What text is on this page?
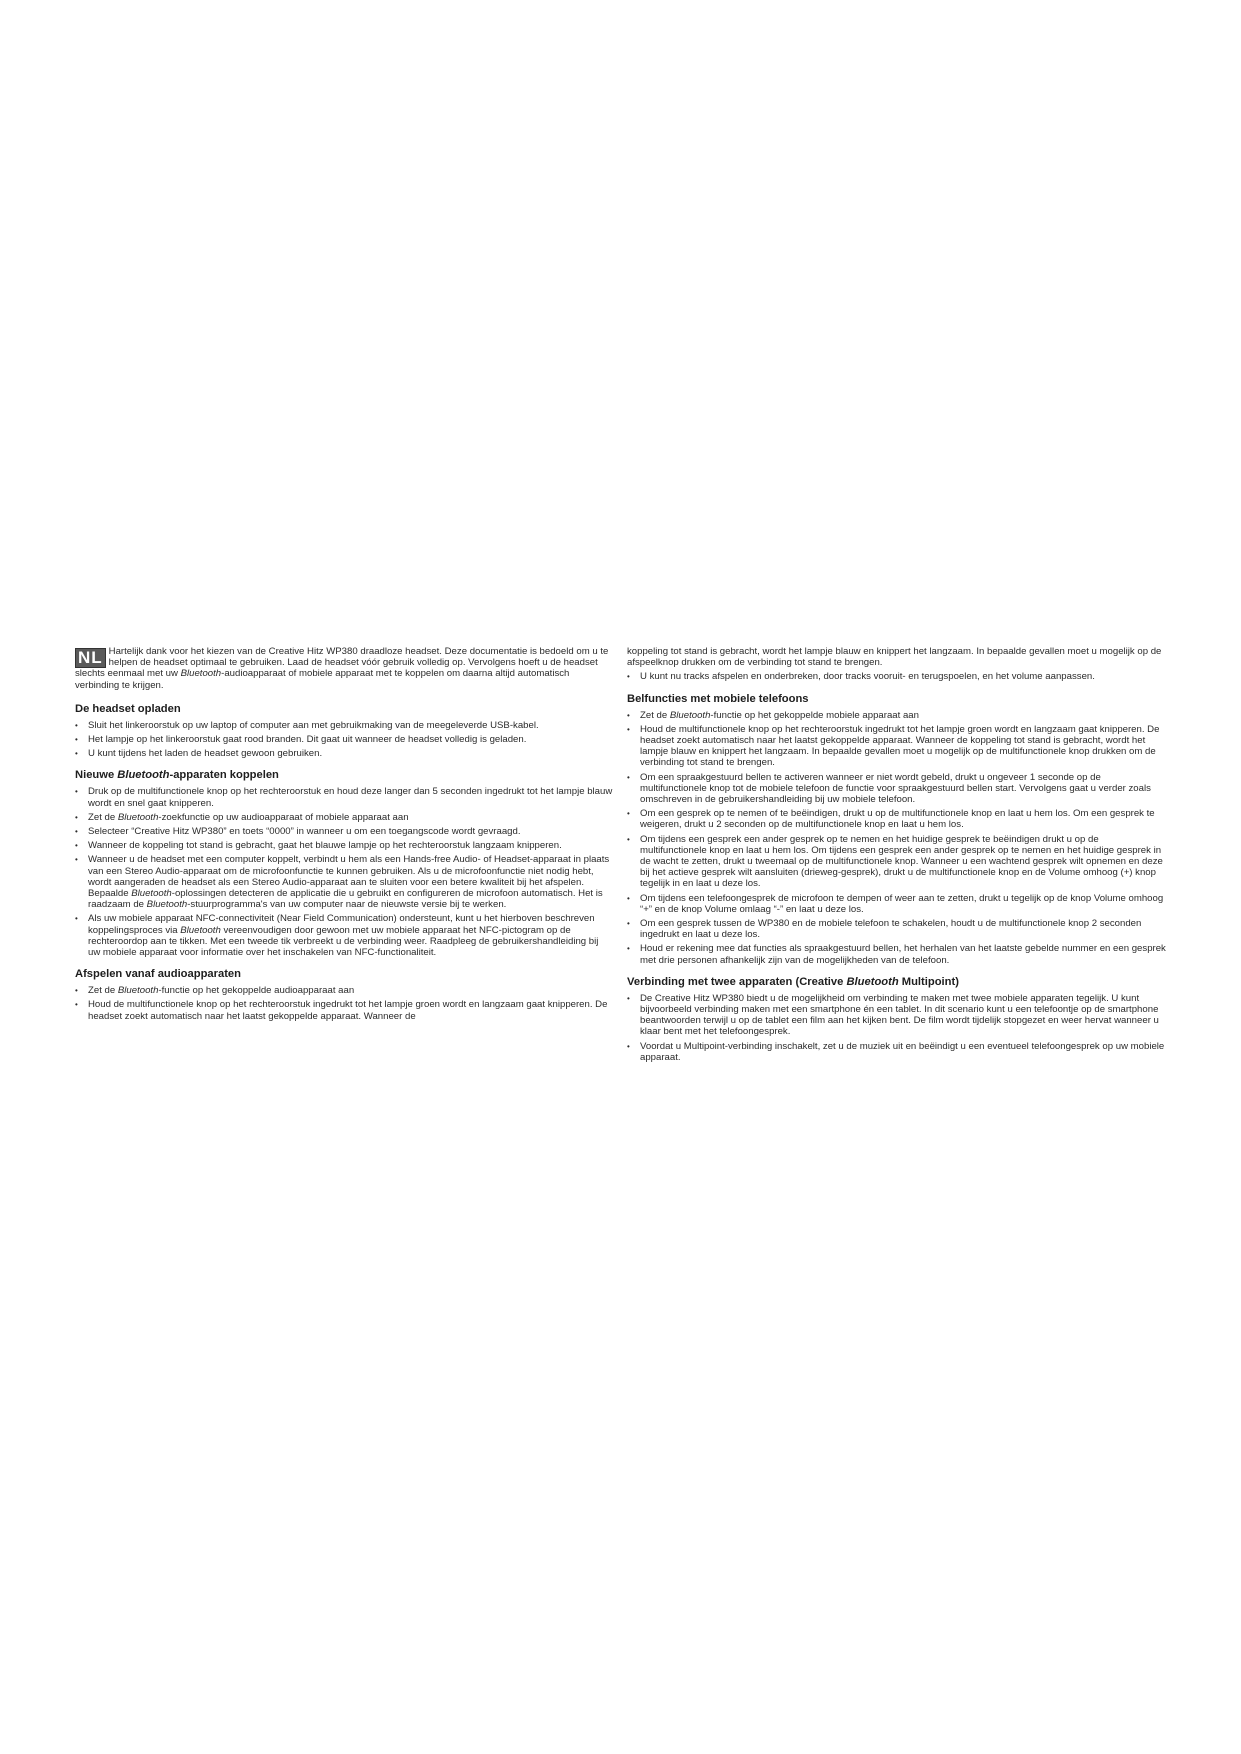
NL Hartelijk dank voor het kiezen van de Creative Hitz WP380 draadloze headset. Deze documentatie is bedoeld om u te helpen de headset optimaal te gebruiken. Laad de headset vóór gebruik volledig op. Vervolgens hoeft u de headset slechts eenmaal met uw Bluetooth-audioapparaat of mobiele apparaat met te koppelen om daarna altijd automatisch verbinding te krijgen.

De headset opladen
• Sluit het linkeroorstuk op uw laptop of computer aan met gebruikmaking van de meegeleverde USB-kabel.
• Het lampje op het linkeroorstuk gaat rood branden. Dit gaat uit wanneer de headset volledig is geladen.
• U kunt tijdens het laden de headset gewoon gebruiken.
Nieuwe Bluetooth-apparaten koppelen
• Druk op de multifunctionele knop op het rechteroorstuk en houd deze langer dan 5 seconden ingedrukt tot het lampje blauw wordt en snel gaat knipperen.
• Zet de Bluetooth-zoekfunctie op uw audioapparaat of mobiele apparaat aan
• Selecteer “Creative Hitz WP380” en toets “0000” in wanneer u om een toegangscode wordt gevraagd.
• Wanneer de koppeling tot stand is gebracht, gaat het blauwe lampje op het rechteroorstuk langzaam knipperen.
• Wanneer u de headset met een computer koppelt, verbindt u hem als een Hands-free Audio- of Headset-apparaat in plaats van een Stereo Audio-apparaat om de microfoonfunctie te kunnen gebruiken. Als u de microfoonfunctie niet nodig hebt, wordt aangeraden de headset als een Stereo Audio-apparaat aan te sluiten voor een betere kwaliteit bij het afspelen. Bepaalde Bluetooth-oplossingen detecteren de applicatie die u gebruikt en configureren de microfoon automatisch. Het is raadzaam de Bluetooth-stuurprogramma's van uw computer naar de nieuwste versie bij te werken.
• Als uw mobiele apparaat NFC-connectiviteit (Near Field Communication) ondersteunt, kunt u het hierboven beschreven koppelingsproces via Bluetooth vereenvoudigen door gewoon met uw mobiele apparaat het NFC-pictogram op de rechteroordop aan te tikken. Met een tweede tik verbreekt u de verbinding weer. Raadpleeg de gebruikershandleiding bij uw mobiele apparaat voor informatie over het inschakelen van NFC-functionaliteit.
Afspelen vanaf audioapparaten
• Zet de Bluetooth-functie op het gekoppelde audioapparaat aan
• Houd de multifunctionele knop op het rechteroorstuk ingedrukt tot het lampje groen wordt en langzaam gaat knipperen. De headset zoekt automatisch naar het laatst gekoppelde apparaat. Wanneer de

koppeling tot stand is gebracht, wordt het lampje blauw en knippert het langzaam. In bepaalde gevallen moet u mogelijk op de afspeelknop drukken om de verbinding tot stand te brengen.

• U kunt nu tracks afspelen en onderbreken, door tracks vooruit- en terugspoelen, en het volume aanpassen.
Belfuncties met mobiele telefoons
• Zet de Bluetooth-functie op het gekoppelde mobiele apparaat aan
• Houd de multifunctionele knop op het rechteroorstuk ingedrukt tot het lampje groen wordt en langzaam gaat knipperen. De headset zoekt automatisch naar het laatst gekoppelde apparaat. Wanneer de koppeling tot stand is gebracht, wordt het lampje blauw en knippert het langzaam. In bepaalde gevallen moet u mogelijk op de multifunctionele knop drukken om de verbinding tot stand te brengen.
• Om een spraakgestuurd bellen te activeren wanneer er niet wordt gebeld, drukt u ongeveer 1 seconde op de multifunctionele knop tot de mobiele telefoon de functie voor spraakgestuurd bellen start. Vervolgens gaat u verder zoals omschreven in de gebruikershandleiding bij uw mobiele telefoon.
• Om een gesprek op te nemen of te beëindigen, drukt u op de multifunctionele knop en laat u hem los. Om een gesprek te weigeren, drukt u 2 seconden op de multifunctionele knop en laat u hem los.
• Om tijdens een gesprek een ander gesprek op te nemen en het huidige gesprek te beëindigen drukt u op de multifunctionele knop en laat u hem los. Om tijdens een gesprek een ander gesprek op te nemen en het huidige gesprek in de wacht te zetten, drukt u tweemaal op de multifunctionele knop. Wanneer u een wachtend gesprek wilt opnemen en deze bij het actieve gesprek wilt aansluiten (drieweg-gesprek), drukt u de multifunctionele knop en de Volume omhoog (+) knop tegelijk in en laat u deze los.
• Om tijdens een telefoongesprek de microfoon te dempen of weer aan te zetten, drukt u tegelijk op de knop Volume omhoog “+” en de knop Volume omlaag “-” en laat u deze los.
• Om een gesprek tussen de WP380 en de mobiele telefoon te schakelen, houdt u de multifunctionele knop 2 seconden ingedrukt en laat u deze los.
• Houd er rekening mee dat functies als spraakgestuurd bellen, het herhalen van het laatste gebelde nummer en een gesprek met drie personen afhankelijk zijn van de mogelijkheden van de telefoon.
Verbinding met twee apparaten (Creative Bluetooth Multipoint)
• De Creative Hitz WP380 biedt u de mogelijkheid om verbinding te maken met twee mobiele apparaten tegelijk. U kunt bijvoorbeeld verbinding maken met een smartphone én een tablet. In dit scenario kunt u een telefoontje op de smartphone beantwoorden terwijl u op de tablet een film aan het kijken bent. De film wordt tijdelijk stopgezet en weer hervat wanneer u klaar bent met het telefoongesprek.
• Voordat u Multipoint-verbinding inschakelt, zet u de muziek uit en beëindigt u een eventueel telefoongesprek op uw mobiele apparaat.
